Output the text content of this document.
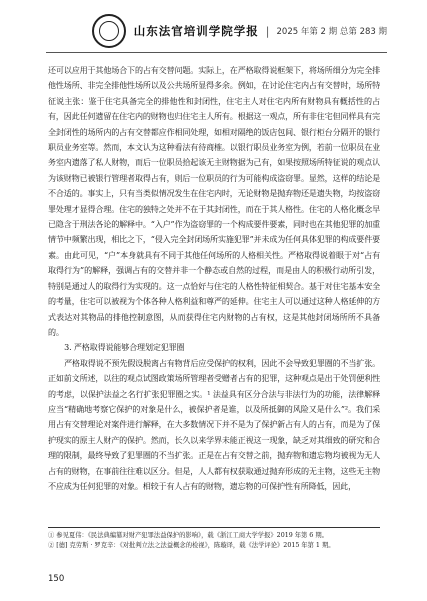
山东法官培训学院学报 | 2025 年第 2 期 总第 283 期

还可以应用于其他场合下的占有交替问题。实际上，在严格取得说框架下，将场所细分为完全排他性场所、非完全排他性场所以及公共场所显得多余。例如，在讨论住宅内占有交替时，场所特征说主张：鉴于住宅具备完全的排他性和封闭性，住宅主人对住宅内所有财物具有概括性的占有，因此任何遗留在住宅内的财物也归住宅主人所有。根据这一观点，所有非住宅但同样具有完全封闭性的场所内的占有交替都应作相同处理，如相对隔绝的饭店包间、银行柜台分隔开的银行职员业务室等。然而，本文认为这种看法有待商榷。以银行职员业务室为例，若前一位职员在业务室内遗落了私人财物，而后一位职员拾起该无主财物据为己有，如果按照场所特征说的观点认为该财物已被银行管理者取得占有，则后一位职员的行为可能构成盗窃罪。显然，这样的结论是不合适的。事实上，只有当类似情况发生在住宅内时，无论财物是抛弃物还是遗失物，均按盗窃罪处理才显得合理。住宅的独特之处并不在于其封闭性，而在于其人格性。住宅的人格化概念早已隐含于刑法各论的解释中。“入户”作为盗窃罪的一个构成要件要素，同时也在其他犯罪的加重情节中频繁出现，相比之下，“侵入完全封闭场所实施犯罪”并未成为任何具体犯罪的构成要件要素。由此可见，“户”本身就具有不同于其他任何场所的人格相关性。严格取得说着眼于对“占有取得行为”的解释，强调占有的交替并非一个静态或自然的过程，而是由人的积极行动所引发，特别是通过人的取得行为实现的。这一点恰好与住宅的人格性特征相契合。基于对住宅基本安全的考量，住宅可以被视为个体各种人格利益和尊严的延伸。住宅主人可以通过这种人格延伸的方式表达对其物品的排他控制意图，从而获得住宅内财物的占有权，这是其他封闭场所所不具备的。

3. 严格取得说能够合理划定犯罪圈

严格取得说不预先假设脱离占有物背后应受保护的权利，因此不会导致犯罪圈的不当扩张。正如前文所述，以往的观点试图政策场所管理者受赠者占有的犯罪，这种观点是出于处罚便利性的考虑，以保护法益之名行扩张犯罪圈之实。¹ 法益具有区分合法与非法行为的功能，法律解释应当“精确地考察它保护的对象是什么，被保护者是谁，以及所抵御的风险又是什么”²。我们采用占有交替理论对案件进行解释，在大多数情况下并不是为了保护新占有人的占有，而是为了保护现实的原主人财产的保护。然而，长久以来学界未能正视这一现象，缺乏对其细致的研究和合理的限制，最终导致了犯罪圈的不当扩张。正是在占有交替之前，抛弃物和遗忘物均被视为无人占有的财物，在事前往往难以区分。但是，人人都有权获取通过抛弃形成的无主物，这些无主物不应成为任何犯罪的对象。相较于有人占有的财物，遗忘物的可保护性有所降低，因此，

① 参见夏伟：《民法典编纂对财产犯罪法益保护的影响》，载《浙江工商大学学报》2019 年第 6 期。

② [德] 克劳斯 · 罗克辛：《对批判立法之法益概念的检视》，陈璇译，载《法学评论》2015 年第 1 期。

150
